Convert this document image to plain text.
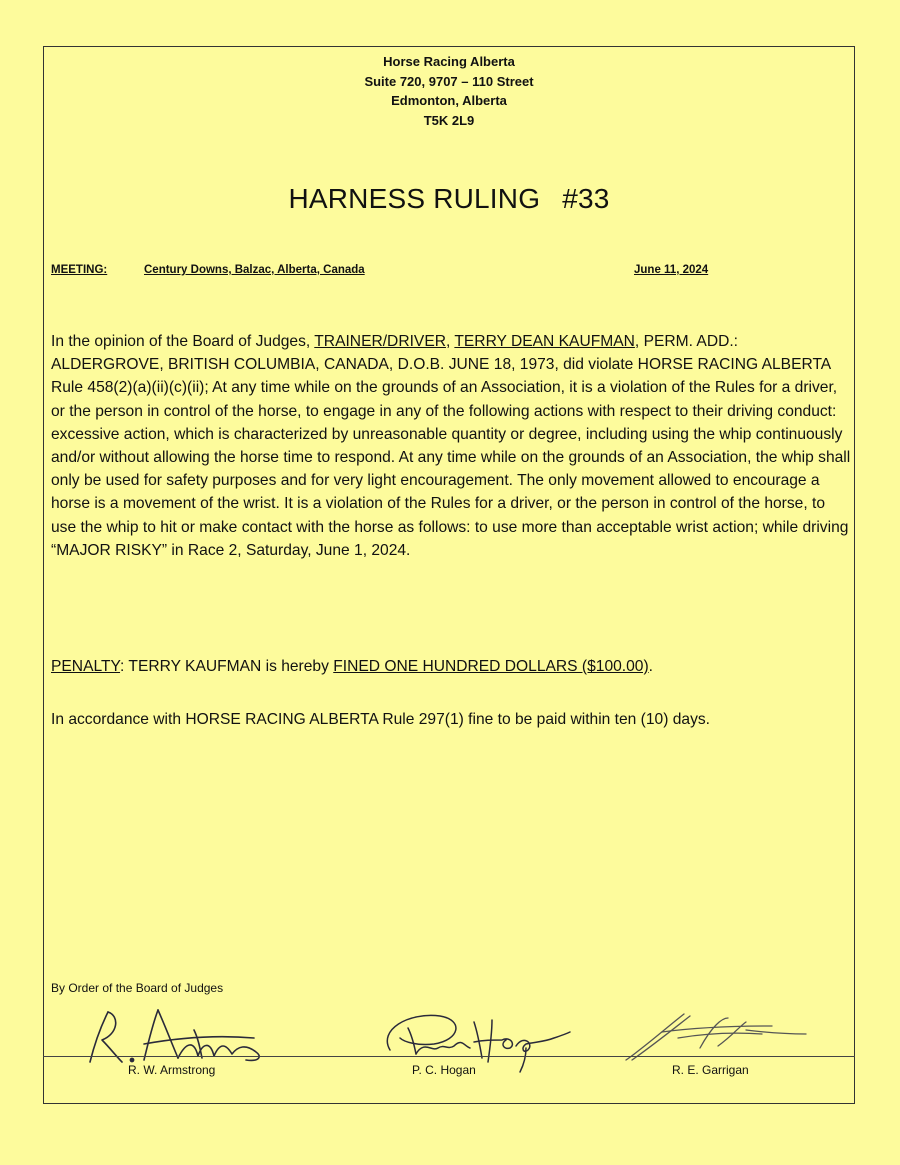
Horse Racing Alberta
Suite 720, 9707 – 110 Street
Edmonton, Alberta
T5K 2L9
HARNESS RULING #33
MEETING:	Century Downs, Balzac, Alberta, Canada	June 11, 2024
In the opinion of the Board of Judges, TRAINER/DRIVER, TERRY DEAN KAUFMAN, PERM. ADD.: ALDERGROVE, BRITISH COLUMBIA, CANADA, D.O.B. JUNE 18, 1973, did violate HORSE RACING ALBERTA Rule 458(2)(a)(ii)(c)(ii); At any time while on the grounds of an Association, it is a violation of the Rules for a driver, or the person in control of the horse, to engage in any of the following actions with respect to their driving conduct: excessive action, which is characterized by unreasonable quantity or degree, including using the whip continuously and/or without allowing the horse time to respond. At any time while on the grounds of an Association, the whip shall only be used for safety purposes and for very light encouragement. The only movement allowed to encourage a horse is a movement of the wrist. It is a violation of the Rules for a driver, or the person in control of the horse, to use the whip to hit or make contact with the horse as follows: to use more than acceptable wrist action; while driving “MAJOR RISKY” in Race 2, Saturday, June 1, 2024.
PENALTY: TERRY KAUFMAN is hereby FINED ONE HUNDRED DOLLARS ($100.00).
In accordance with HORSE RACING ALBERTA Rule 297(1) fine to be paid within ten (10) days.
By Order of the Board of Judges
R. W. Armstrong	P. C. Hogan	R. E. Garrigan
